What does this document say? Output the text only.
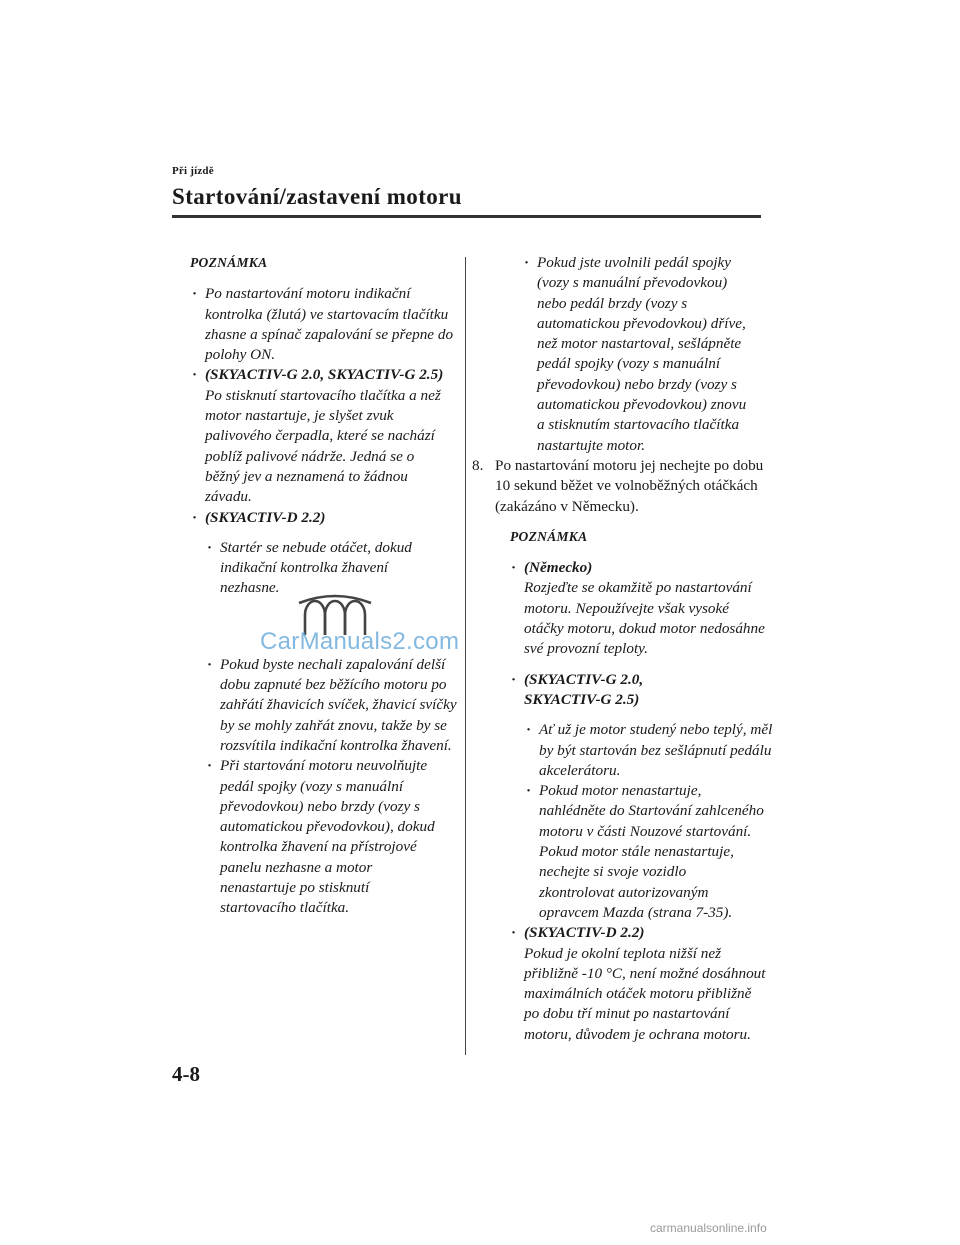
Při jízdě
Startování/zastavení motoru
POZNÁMKA
· Po nastartování motoru indikační kontrolka (žlutá) ve startovacím tlačítku zhasne a spínač zapalování se přepne do polohy ON.
· (SKYACTIV-G 2.0, SKYACTIV-G 2.5)
Po stisknutí startovacího tlačítka a než motor nastartuje, je slyšet zvuk palivového čerpadla, které se nachází poblíž palivové nádrže. Jedná se o běžný jev a neznamená to žádnou závadu.
· (SKYACTIV-D 2.2)
· Startér se nebude otáčet, dokud indikační kontrolka žhavení nezhasne.
· Pokud byste nechali zapalování delší dobu zapnuté bez běžícího motoru po zahřátí žhavicích svíček, žhavicí svíčky by se mohly zahřát znovu, takže by se rozsvítila indikační kontrolka žhavení.
· Při startování motoru neuvolňujte pedál spojky (vozy s manuální převodovkou) nebo brzdy (vozy s automatickou převodovkou), dokud kontrolka žhavení na přístrojové panelu nezhasne a motor nenastartuje po stisknutí startovacího tlačítka.
· Pokud jste uvolnili pedál spojky (vozy s manuální převodovkou) nebo pedál brzdy (vozy s automatickou převodovkou) dříve, než motor nastartoval, sešlápněte pedál spojky (vozy s manuální převodovkou) nebo brzdy (vozy s automatickou převodovkou) znovu a stisknutím startovacího tlačítka nastartujte motor.
8. Po nastartování motoru jej nechejte po dobu 10 sekund běžet ve volnoběžných otáčkách (zakázáno v Německu).
POZNÁMKA
· (Německo)
Rozjeďte se okamžitě po nastartování motoru. Nepoužívejte však vysoké otáčky motoru, dokud motor nedosáhne své provozní teploty.
· (SKYACTIV-G 2.0, SKYACTIV-G 2.5)
· Ať už je motor studený nebo teplý, měl by být startován bez sešlápnutí pedálu akcelerátoru.
· Pokud motor nenastartuje, nahlédněte do Startování zahlceného motoru v části Nouzové startování. Pokud motor stále nenastartuje, nechejte si svoje vozidlo zkontrolovat autorizovaným opravcem Mazda (strana 7-35).
· (SKYACTIV-D 2.2)
Pokud je okolní teplota nižší než přibližně -10 °C, není možné dosáhnout maximálních otáček motoru přibližně po dobu tří minut po nastartování motoru, důvodem je ochrana motoru.
CarManuals2.com
4-8
carmanualsonline.info
